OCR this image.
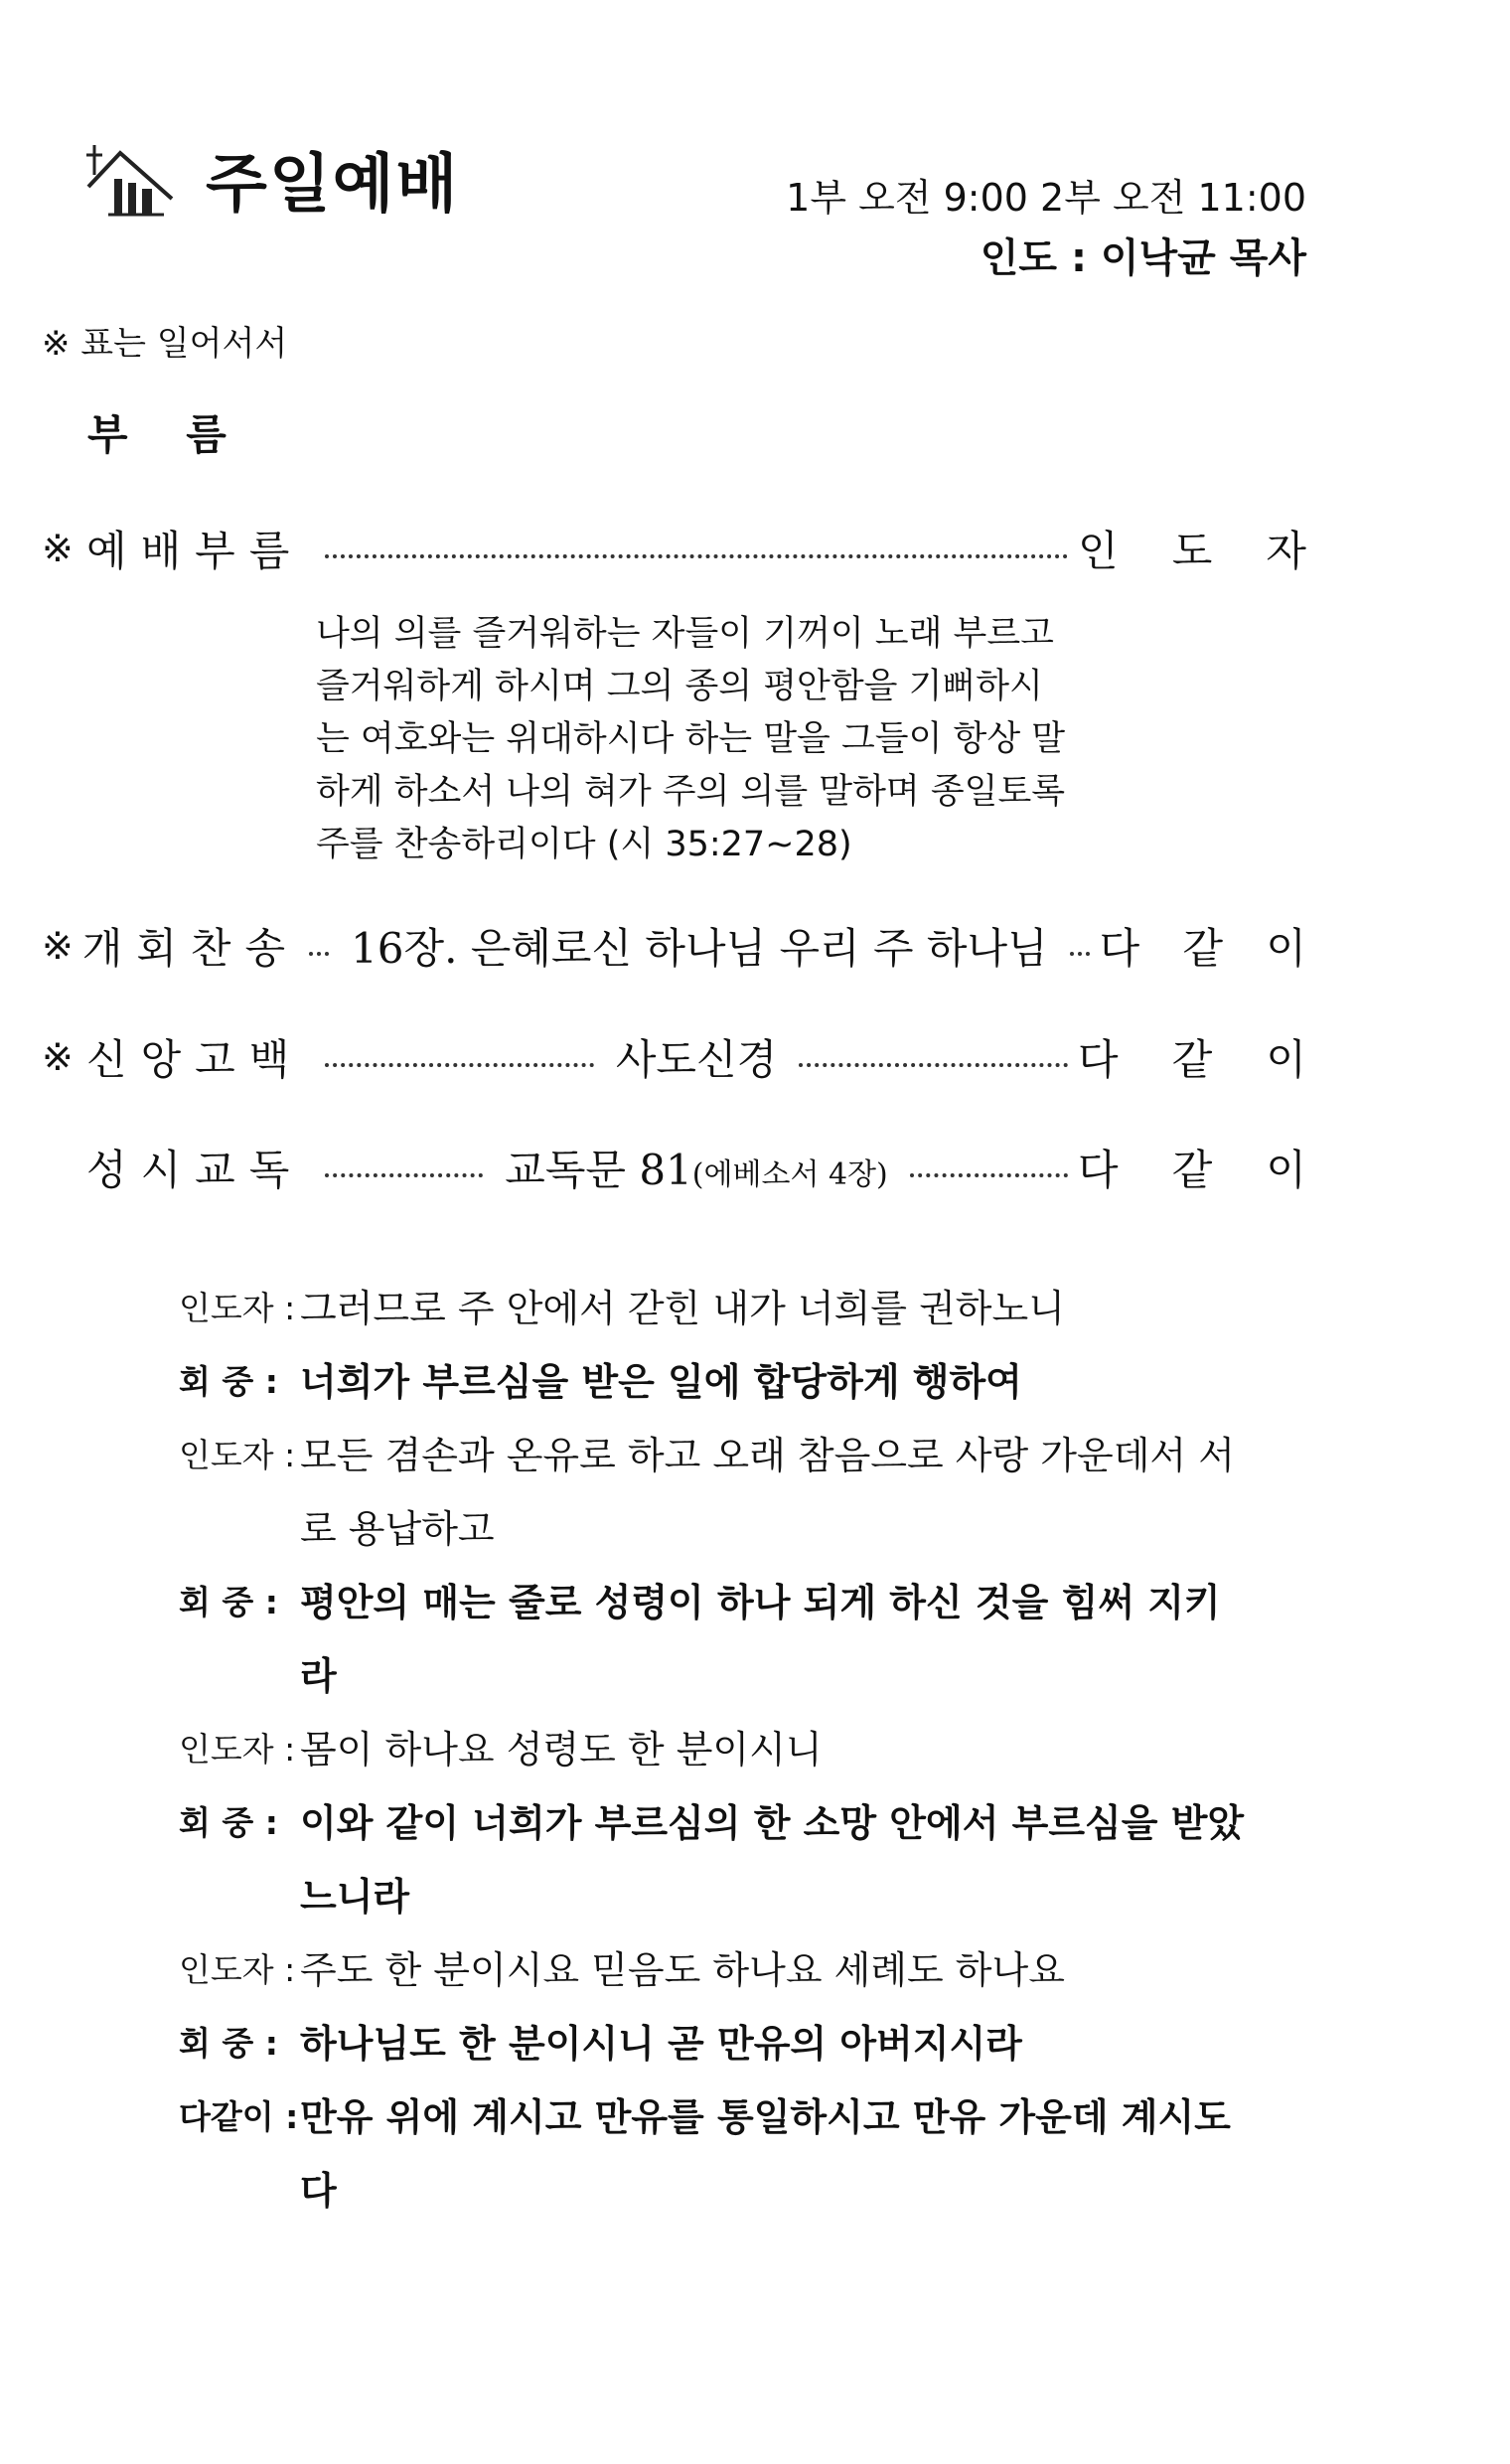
주일예배	1부 오전 9:00 2부 오전 11:00
인도 : 이낙균 목사
※ 표는 일어서서
부 름
※ 예배부름	인 도 자
나의 의를 즐거워하는 자들이 기꺼이 노래 부르고 즐거워하게 하시며 그의 종의 평안함을 기뻐하시는 여호와는 위대하시다 하는 말을 그들이 항상 말하게 하소서 나의 혀가 주의 의를 말하며 종일토록 주를 찬송하리이다 (시 35:27~28)
※ 개회찬송 16장. 은혜로신 하나님 우리 주 하나님 다 같 이
※ 신앙고백	사도신경	다 같 이
성시교독	교독문 81(에베소서 4장)	다 같 이
인도자 : 그러므로 주 안에서 갇힌 내가 너희를 권하노니
회 중 : 너희가 부르심을 받은 일에 합당하게 행하여
인도자 : 모든 겸손과 온유로 하고 오래 참음으로 사랑 가운데서 서로 용납하고
회 중 : 평안의 매는 줄로 성령이 하나 되게 하신 것을 힘써 지키라
인도자 : 몸이 하나요 성령도 한 분이시니
회 중 : 이와 같이 너희가 부르심의 한 소망 안에서 부르심을 받았느니라
인도자 : 주도 한 분이시요 믿음도 하나요 세례도 하나요
회 중 : 하나님도 한 분이시니 곧 만유의 아버지시라
다같이 : 만유 위에 계시고 만유를 통일하시고 만유 가운데 계시도다
